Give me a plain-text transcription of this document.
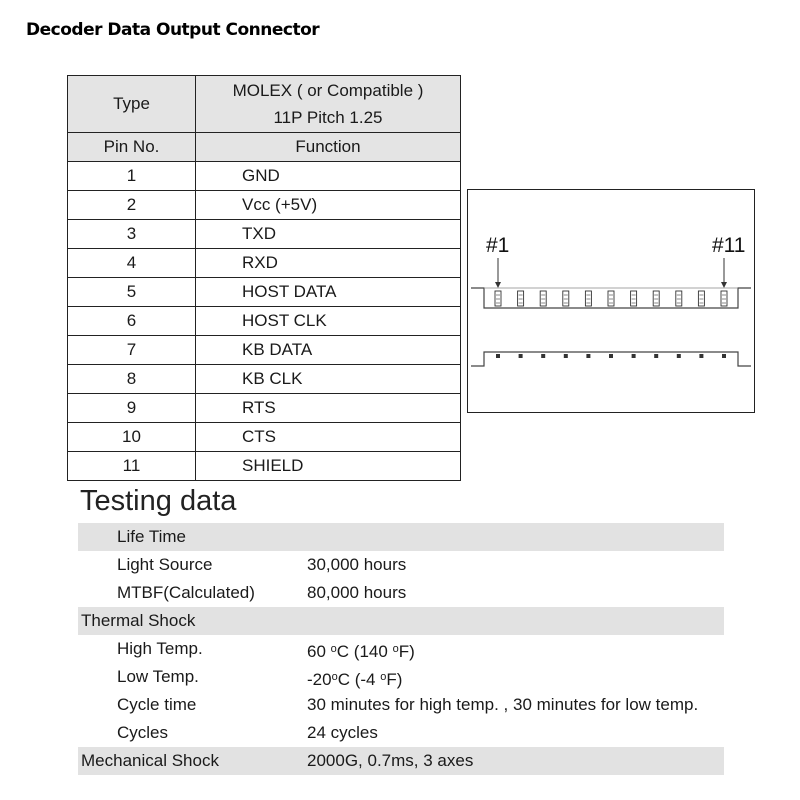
Decoder Data Output Connector
Type	MOLEX ( or Compatible )
11P Pitch 1.25

Pin No.	Function
1	GND
2	Vcc (+5V)
3	TXD
4	RXD
5	HOST DATA
6	HOST CLK
7	KB DATA
8	KB CLK
9	RTS
10	CTS
11	SHIELD
#1	#11
Testing data
Life Time
Light Source	30,000 hours
MTBF(Calculated)	80,000 hours
Thermal Shock
High Temp.	60 $^o$C (140 $^o$F)
Low Temp.	-20$^o$C (-4 $^o$F)
Cycle time	30 minutes for high temp. , 30 minutes for low temp.
Cycles	24 cycles
Mechanical Shock	2000G, 0.7ms, 3 axes
